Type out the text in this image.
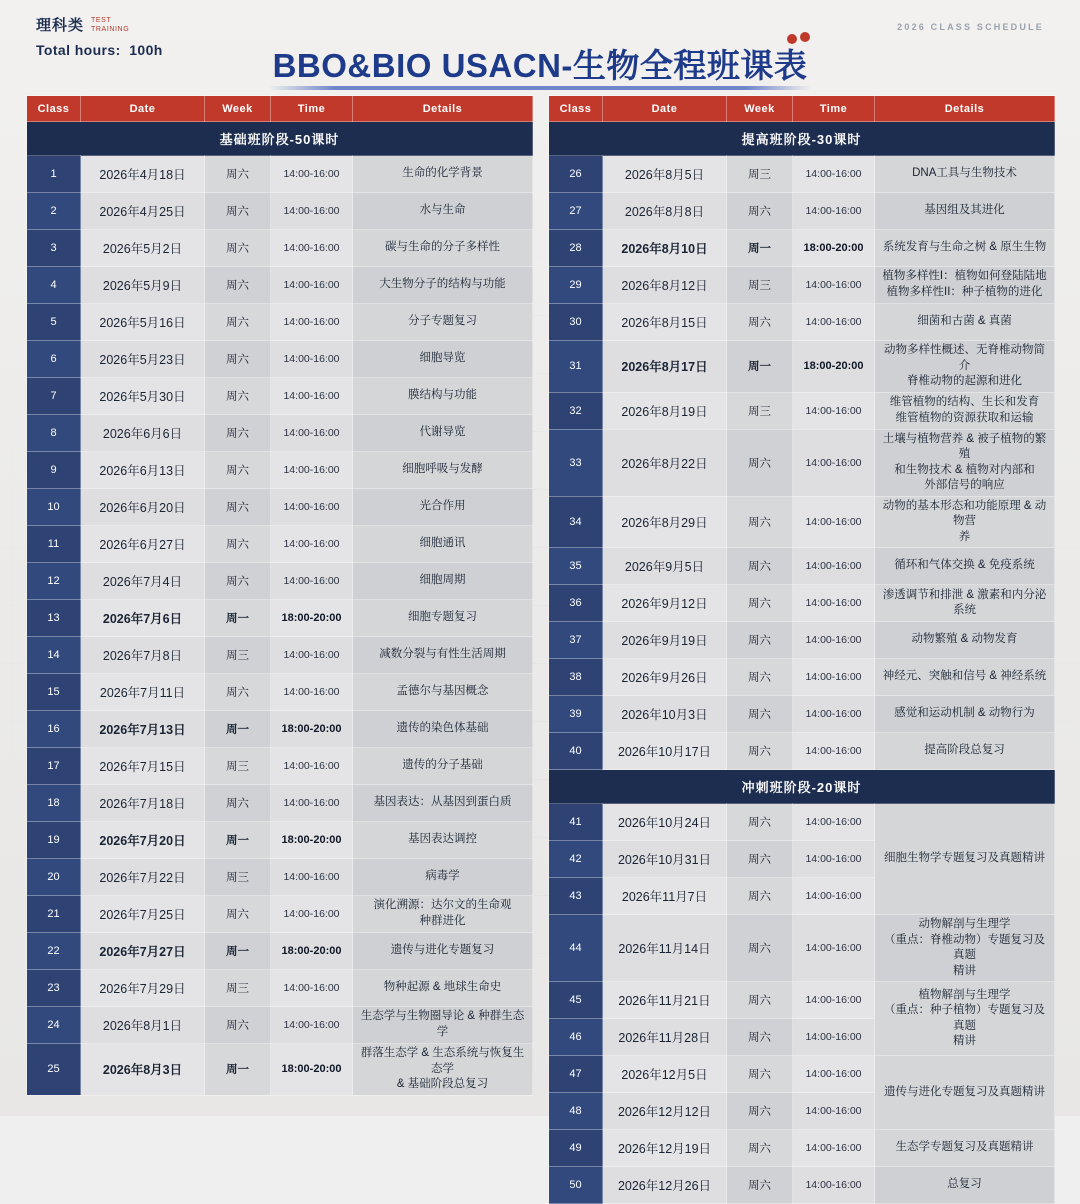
理科类 TEST
TRAINING
Total hours: 100h
2026 CLASS SCHEDULE
BBO&BIO USACN-生物全程班课表
Class	Date	Week	Time	Details
基础班阶段-50课时				
1	2026年4月18日	周六	14:00-16:00	生命的化学背景
2	2026年4月25日	周六	14:00-16:00	水与生命
3	2026年5月2日	周六	14:00-16:00	碳与生命的分子多样性
4	2026年5月9日	周六	14:00-16:00	大生物分子的结构与功能
5	2026年5月16日	周六	14:00-16:00	分子专题复习
6	2026年5月23日	周六	14:00-16:00	细胞导览
7	2026年5月30日	周六	14:00-16:00	膜结构与功能
8	2026年6月6日	周六	14:00-16:00	代谢导览
9	2026年6月13日	周六	14:00-16:00	细胞呼吸与发酵
10	2026年6月20日	周六	14:00-16:00	光合作用
11	2026年6月27日	周六	14:00-16:00	细胞通讯
12	2026年7月4日	周六	14:00-16:00	细胞周期
13	2026年7月6日	周一	18:00-20:00	细胞专题复习
14	2026年7月8日	周三	14:00-16:00	减数分裂与有性生活周期
15	2026年7月11日	周六	14:00-16:00	孟德尔与基因概念
16	2026年7月13日	周一	18:00-20:00	遗传的染色体基础
17	2026年7月15日	周三	14:00-16:00	遗传的分子基础
18	2026年7月18日	周六	14:00-16:00	基因表达：从基因到蛋白质
19	2026年7月20日	周一	18:00-20:00	基因表达调控
20	2026年7月22日	周三	14:00-16:00	病毒学
21	2026年7月25日	周六	14:00-16:00	演化溯源：达尔文的生命观
种群进化
22	2026年7月27日	周一	18:00-20:00	遗传与进化专题复习
23	2026年7月29日	周三	14:00-16:00	物种起源 & 地球生命史
24	2026年8月1日	周六	14:00-16:00	生态学与生物圈导论 & 种群生态学
25	2026年8月3日	周一	18:00-20:00	群落生态学 & 生态系统与恢复生态学
& 基础阶段总复习
Class	Date	Week	Time	Details
提高班阶段-30课时				
26	2026年8月5日	周三	14:00-16:00	DNA工具与生物技术
27	2026年8月8日	周六	14:00-16:00	基因组及其进化
28	2026年8月10日	周一	18:00-20:00	系统发育与生命之树 & 原生生物
29	2026年8月12日	周三	14:00-16:00	植物多样性I：植物如何登陆陆地
植物多样性II：种子植物的进化
30	2026年8月15日	周六	14:00-16:00	细菌和古菌 & 真菌
31	2026年8月17日	周一	18:00-20:00	动物多样性概述、无脊椎动物简介
脊椎动物的起源和进化
32	2026年8月19日	周三	14:00-16:00	维管植物的结构、生长和发育
维管植物的资源获取和运输
33	2026年8月22日	周六	14:00-16:00	土壤与植物营养 & 被子植物的繁殖
和生物技术 & 植物对内部和
外部信号的响应
34	2026年8月29日	周六	14:00-16:00	动物的基本形态和功能原理 & 动物营
养
35	2026年9月5日	周六	14:00-16:00	循环和气体交换 & 免疫系统
36	2026年9月12日	周六	14:00-16:00	渗透调节和排泄 & 激素和内分泌系统
37	2026年9月19日	周六	14:00-16:00	动物繁殖 & 动物发育
38	2026年9月26日	周六	14:00-16:00	神经元、突触和信号 & 神经系统
39	2026年10月3日	周六	14:00-16:00	感觉和运动机制 & 动物行为
40	2026年10月17日	周六	14:00-16:00	提高阶段总复习
冲刺班阶段-20课时				
41	2026年10月24日	周六	14:00-16:00	细胞生物学专题复习及真题精讲
42	2026年10月31日	周六	14:00-16:00	
43	2026年11月7日	周六	14:00-16:00	
44	2026年11月14日	周六	14:00-16:00	动物解剖与生理学
（重点：脊椎动物）专题复习及真题
精讲
45	2026年11月21日	周六	14:00-16:00	植物解剖与生理学
（重点：种子植物）专题复习及真题
精讲
46	2026年11月28日	周六	14:00-16:00	
47	2026年12月5日	周六	14:00-16:00	遗传与进化专题复习及真题精讲
48	2026年12月12日	周六	14:00-16:00	
49	2026年12月19日	周六	14:00-16:00	生态学专题复习及真题精讲
50	2026年12月26日	周六	14:00-16:00	总复习
